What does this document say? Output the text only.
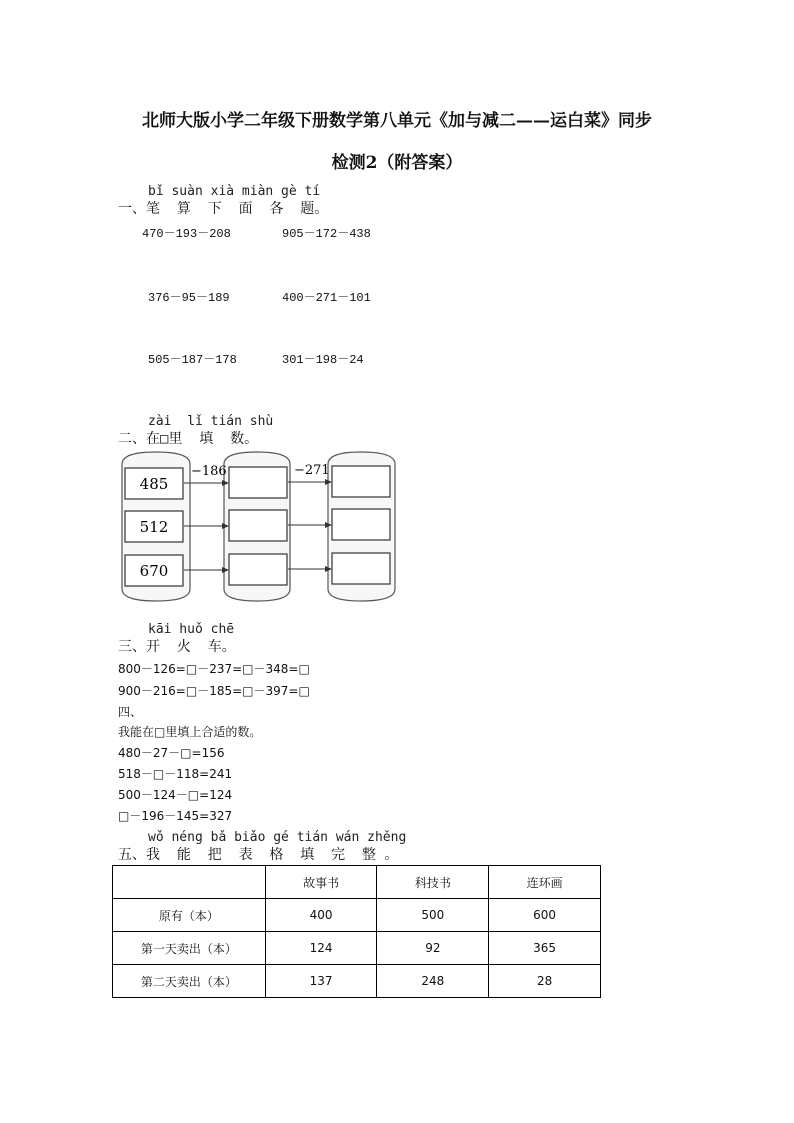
北师大版小学二年级下册数学第八单元《加与减二——运白菜》同步
检测2（附答案）
bǐ suàn xià miàn gè tí
一、笔  算  下  面  各  题。
470－193－208	905－172－438
376－95－189	400－271－101
505－187－178	301－198－24
zài  lǐ tián shù
二、在□里  填  数。
485
512
670
−186	−271
kāi huǒ chē
三、开  火  车。
800－126=□－237=□－348=□
900－216=□－185=□－397=□
四、
我能在□里填上合适的数。
480－27－□=156
518－□－118=241
500－124－□=124
□－196－145=327
wǒ néng bǎ biǎo gé tián wán zhěng
五、我  能  把  表  格  填  完  整 。
	故事书	科技书	连环画
原有（本）	400	500	600
第一天卖出（本）	124	92	365
第二天卖出（本）	137	248	28
